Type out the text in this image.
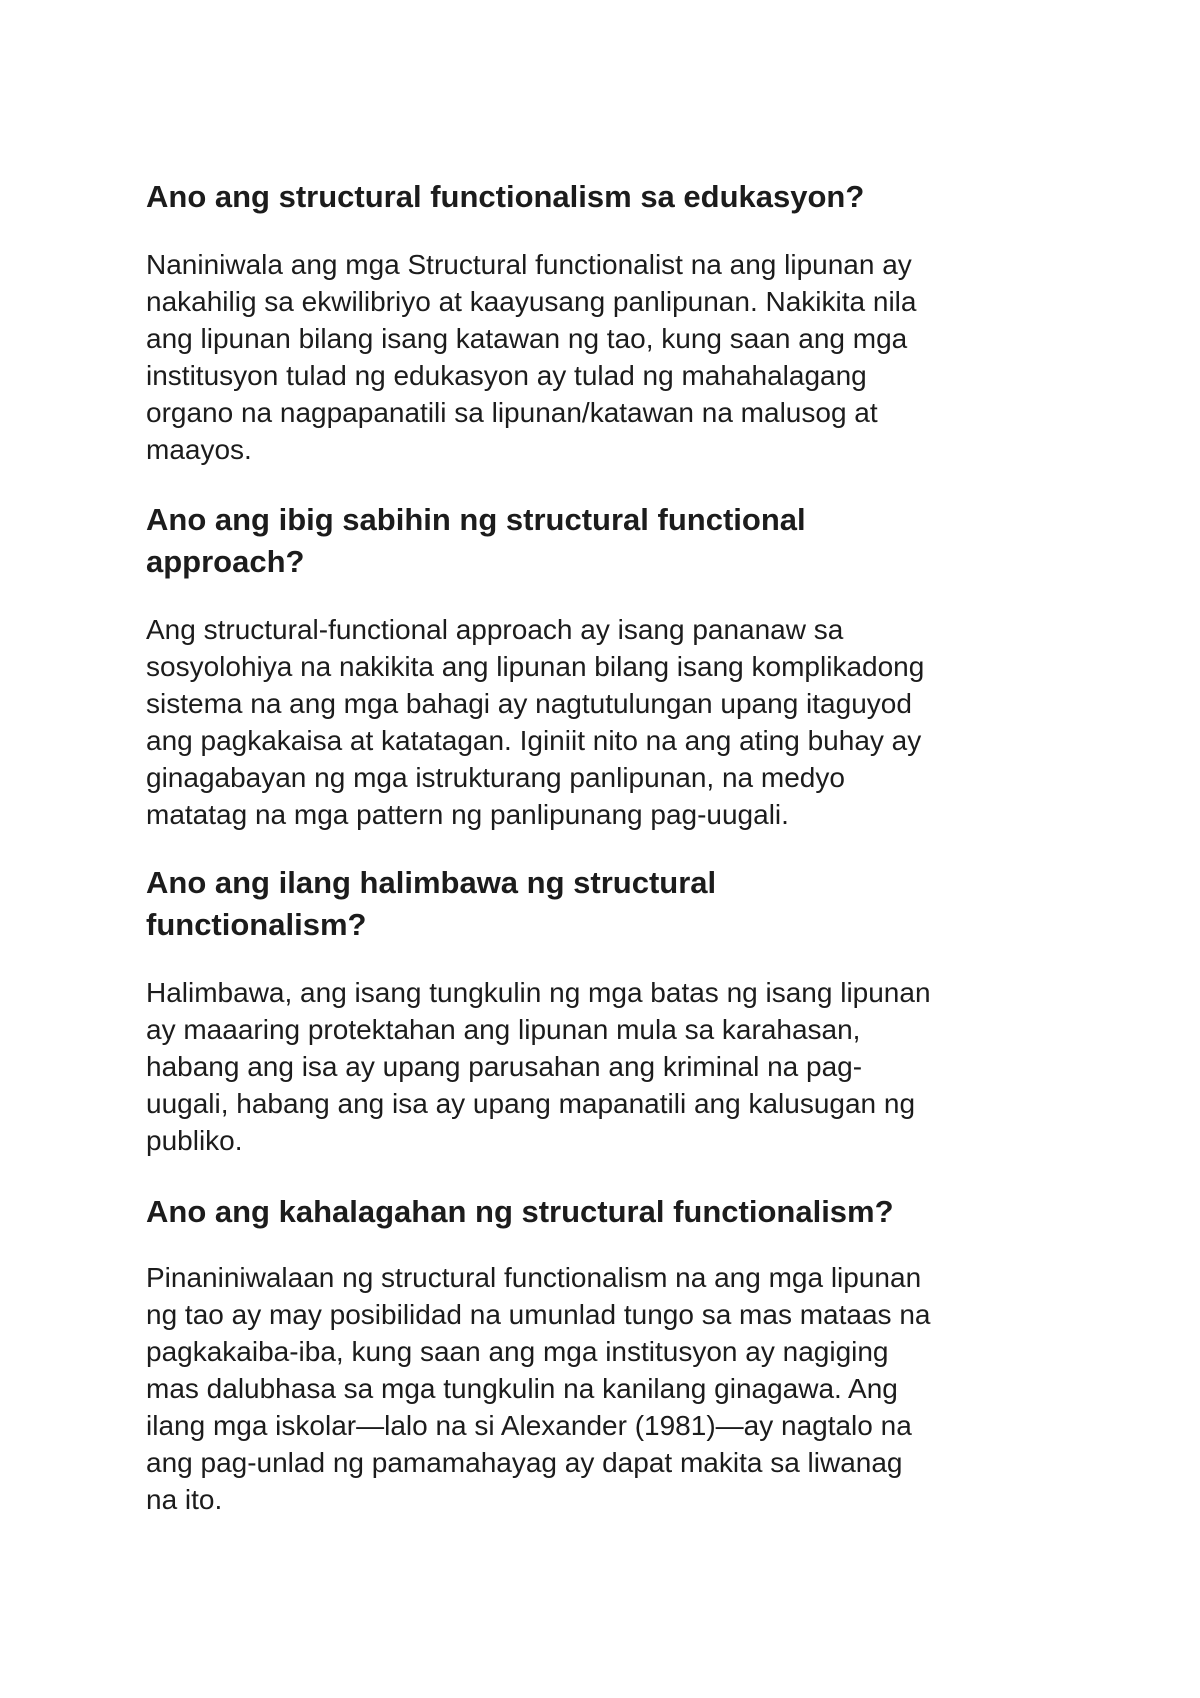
Ano ang structural functionalism sa edukasyon?
Naniniwala ang mga Structural functionalist na ang lipunan ay
nakahilig sa ekwilibriyo at kaayusang panlipunan. Nakikita nila
ang lipunan bilang isang katawan ng tao, kung saan ang mga
institusyon tulad ng edukasyon ay tulad ng mahahalagang
organo na nagpapanatili sa lipunan/katawan na malusog at
maayos.
Ano ang ibig sabihin ng structural functional
approach?
Ang structural-functional approach ay isang pananaw sa
sosyolohiya na nakikita ang lipunan bilang isang komplikadong
sistema na ang mga bahagi ay nagtutulungan upang itaguyod
ang pagkakaisa at katatagan. Iginiit nito na ang ating buhay ay
ginagabayan ng mga istrukturang panlipunan, na medyo
matatag na mga pattern ng panlipunang pag-uugali.
Ano ang ilang halimbawa ng structural
functionalism?
Halimbawa, ang isang tungkulin ng mga batas ng isang lipunan
ay maaaring protektahan ang lipunan mula sa karahasan,
habang ang isa ay upang parusahan ang kriminal na pag-
uugali, habang ang isa ay upang mapanatili ang kalusugan ng
publiko.
Ano ang kahalagahan ng structural functionalism?
Pinaniniwalaan ng structural functionalism na ang mga lipunan
ng tao ay may posibilidad na umunlad tungo sa mas mataas na
pagkakaiba-iba, kung saan ang mga institusyon ay nagiging
mas dalubhasa sa mga tungkulin na kanilang ginagawa. Ang
ilang mga iskolar—lalo na si Alexander (1981)—ay nagtalo na
ang pag-unlad ng pamamahayag ay dapat makita sa liwanag
na ito.
